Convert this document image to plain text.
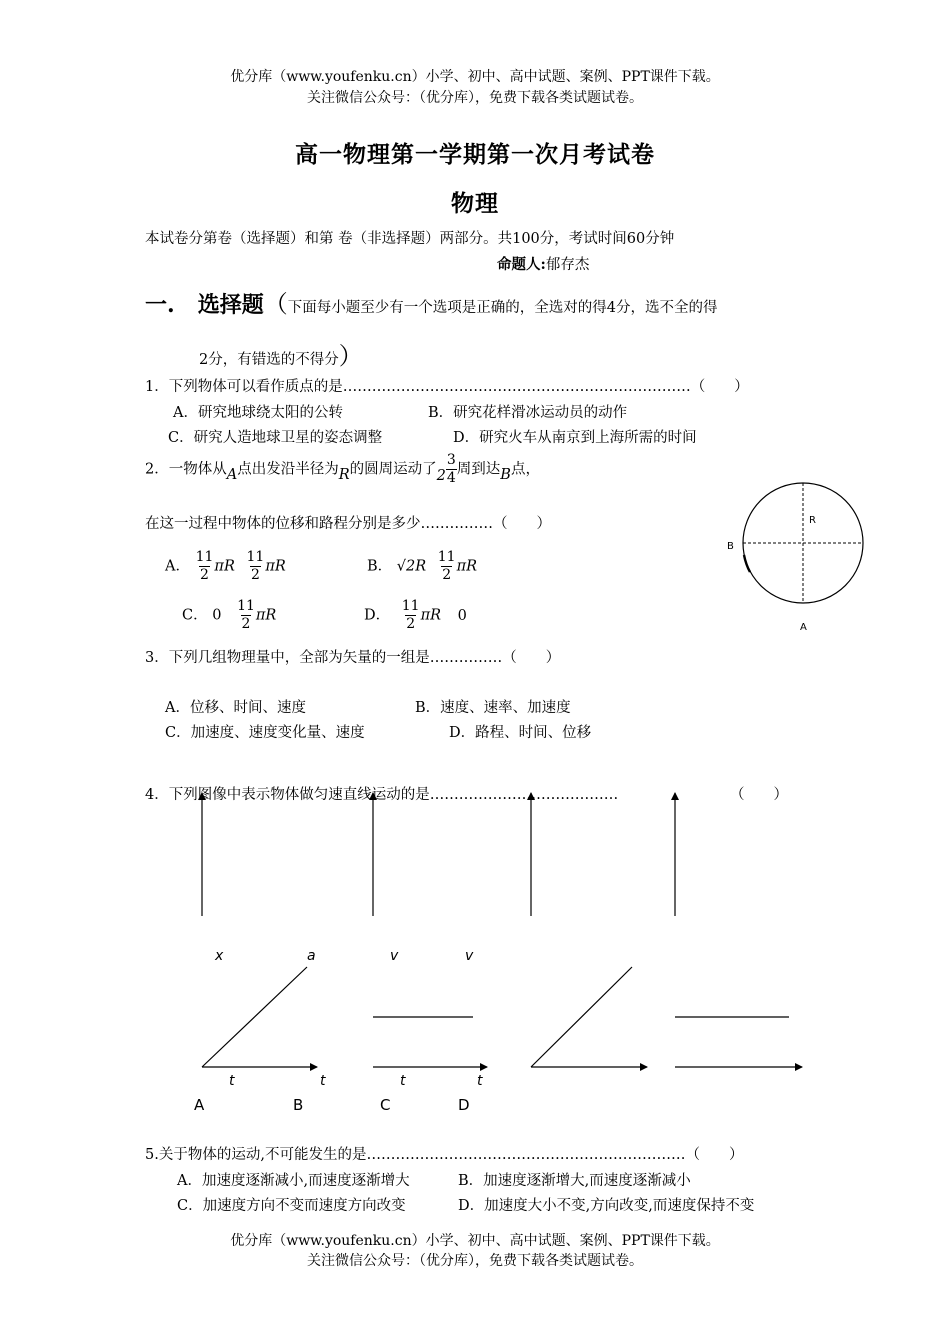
优分库（www.youfenku.cn）小学、初中、高中试题、案例、PPT课件下载。
关注微信公众号：（优分库），免费下载各类试题试卷。
高一物理第一学期第一次月考试卷
物理
本试卷分第卷（选择题）和第 卷（非选择题）两部分。共100分，考试时间60分钟
命题人:郁存杰
一. 选择题（下面每小题至少有一个选项是正确的，全选对的得4分，选不全的得
2分，有错选的不得分）
1．下列物体可以看作质点的是………………………………………………………………（　　）
A．研究地球绕太阳的公转	B．研究花样滑冰运动员的动作
C．研究人造地球卫星的姿态调整	D．研究火车从南京到上海所需的时间
2．一物体从A点出发沿半径为R的圆周运动了$2 \frac{3}{4}$ 周到达B点，
在这一过程中物体的位移和路程分别是多少……………（　　）
A． $\frac{11}{2}$ πR $\frac{11}{2}$ πR	B． $√2R \frac{11}{2}$ πR
C． $0 \frac{11}{2}$ πR	D． $\frac{11}{2}$ πR 0
R
B
A
3．下列几组物理量中，全部为矢量的一组是……………（　　）
A．位移、时间、速度	B．速度、速率、加速度
C．加速度、速度变化量、速度	D．路程、时间、位移
4．下列图像中表示物体做匀速直线运动的是…………………………………	（　　）
x	a	v	v
t	t	t	t
A	B	C	D
5.关于物体的运动,不可能发生的是…………………………………………………………（　　）
A．加速度逐渐减小,而速度逐渐增大	B．加速度逐渐增大,而速度逐渐减小
C．加速度方向不变而速度方向改变	D．加速度大小不变,方向改变,而速度保持不变
优分库（www.youfenku.cn）小学、初中、高中试题、案例、PPT课件下载。
关注微信公众号：（优分库），免费下载各类试题试卷。
